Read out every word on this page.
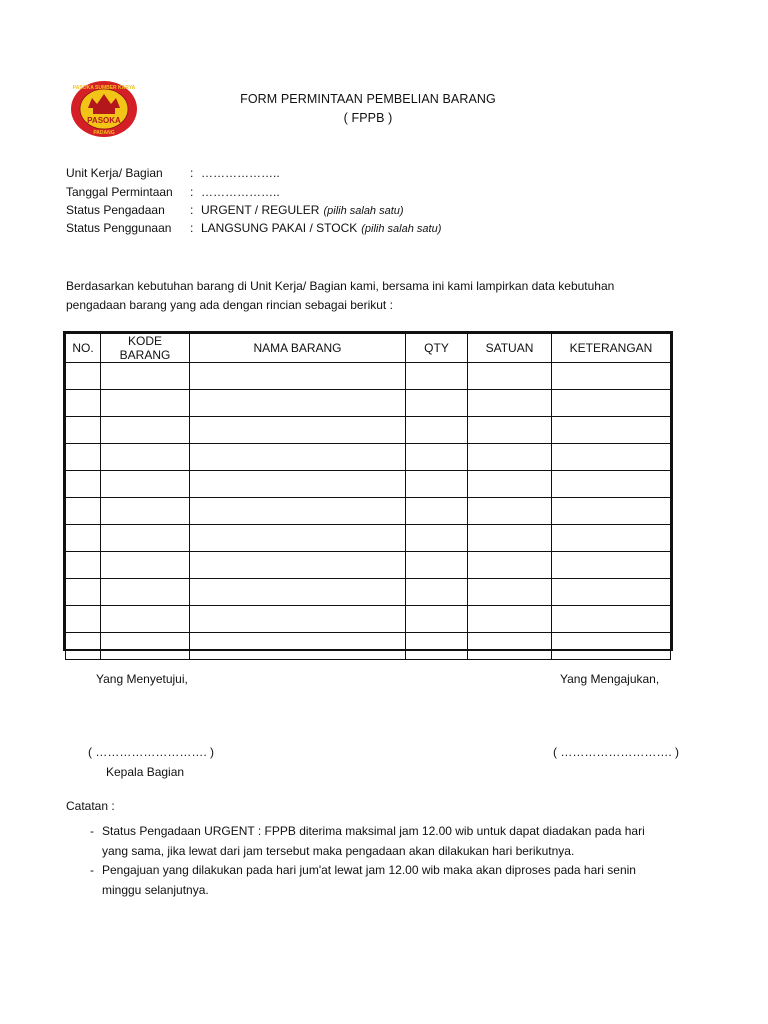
PASOKA
PASOKA SUMBER KARYA
PADANG
FORM PERMINTAAN PEMBELIAN BARANG
( FPPB )
Unit Kerja/ Bagian	: ………………..
Tanggal Permintaan	: ………………..
Status Pengadaan	: URGENT / REGULER (pilih salah satu)
Status Penggunaan	: LANGSUNG PAKAI / STOCK (pilih salah satu)
Berdasarkan kebutuhan barang di Unit Kerja/ Bagian kami, bersama ini kami lampirkan data kebutuhan
pengadaan barang yang ada dengan rincian sebagai berikut :
NO.	KODE BARANG	NAMA BARANG	QTY	SATUAN	KETERANGAN

Yang Menyetujui,	Yang Mengajukan,
( ………………………. )	( ………………………. )
Kepala Bagian
Catatan :
- Status Pengadaan URGENT : FPPB diterima maksimal jam 12.00 wib untuk dapat diadakan pada hari
yang sama, jika lewat dari jam tersebut maka pengadaan akan dilakukan hari berikutnya.
- Pengajuan yang dilakukan pada hari jum'at lewat jam 12.00 wib maka akan diproses pada hari senin
minggu selanjutnya.
